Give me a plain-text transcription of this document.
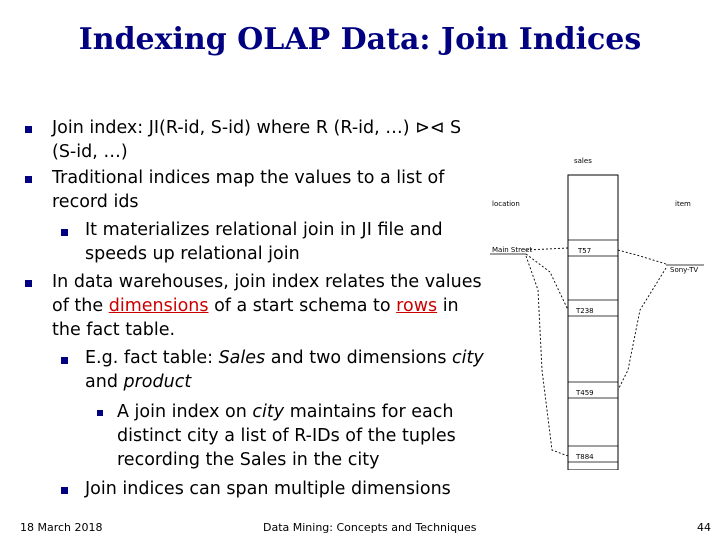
Indexing OLAP Data: Join Indices
Join index: JI(R-id, S-id) where R (R-id, …) ⊳⊲ S
(S-id, …)
Traditional indices map the values to a list of
record ids
It materializes relational join in JI file and
speeds up relational join
In data warehouses, join index relates the values
of the dimensions of a start schema to rows in
the fact table.
E.g. fact table: Sales and two dimensions city
and product
A join index on city maintains for each
distinct city a list of R-IDs of the tuples
recording the Sales in the city
Join indices can span multiple dimensions
sales
location	item
Main Street
Sony-TV
T57
T238
T459
T884
18 March 2018	Data Mining: Concepts and Techniques	44
